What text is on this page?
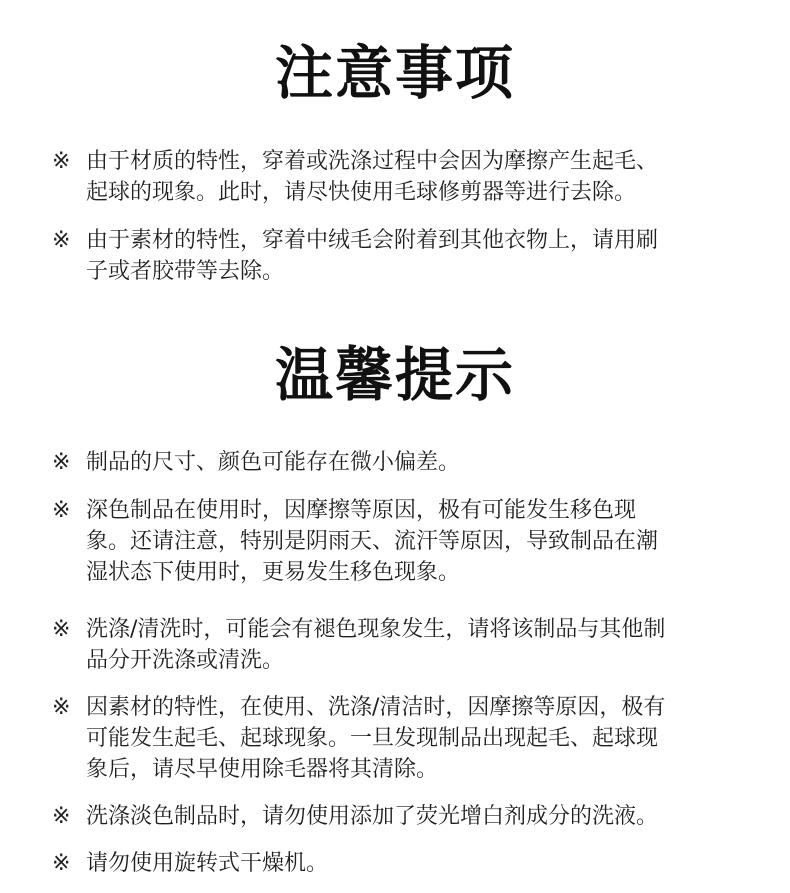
注意事项
※ 由于材质的特性，穿着或洗涤过程中会因为摩擦产生起毛、
起球的现象。此时，请尽快使用毛球修剪器等进行去除。
※ 由于素材的特性，穿着中绒毛会附着到其他衣物上，请用刷
子或者胶带等去除。
温馨提示
※ 制品的尺寸、颜色可能存在微小偏差。
※ 深色制品在使用时，因摩擦等原因，极有可能发生移色现
象。还请注意，特别是阴雨天、流汗等原因，导致制品在潮
湿状态下使用时，更易发生移色现象。
※ 洗涤/清洗时，可能会有褪色现象发生，请将该制品与其他制
品分开洗涤或清洗。
※ 因素材的特性，在使用、洗涤/清洁时，因摩擦等原因，极有
可能发生起毛、起球现象。一旦发现制品出现起毛、起球现
象后，请尽早使用除毛器将其清除。
※ 洗涤淡色制品时，请勿使用添加了荧光增白剂成分的洗液。
※ 请勿使用旋转式干燥机。
